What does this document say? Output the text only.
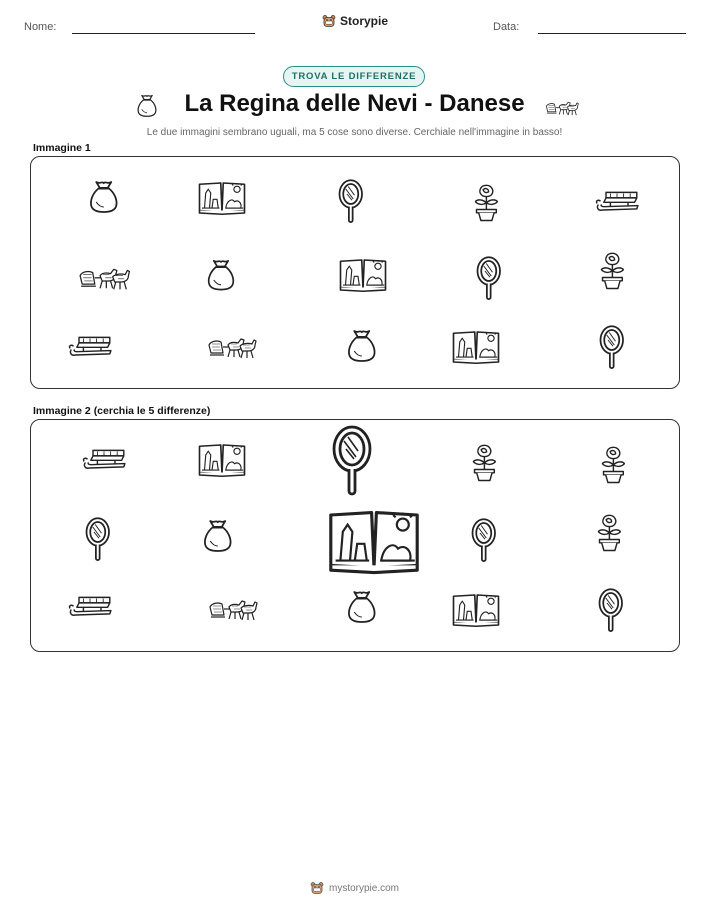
Nome:	Storypie	Data:
TROVA LE DIFFERENZE
La Regina delle Nevi - Danese
Le due immagini sembrano uguali, ma 5 cose sono diverse. Cerchiale nell'immagine in basso!
Immagine 1
Immagine 2 (cerchia le 5 differenze)
mystorypie.com
